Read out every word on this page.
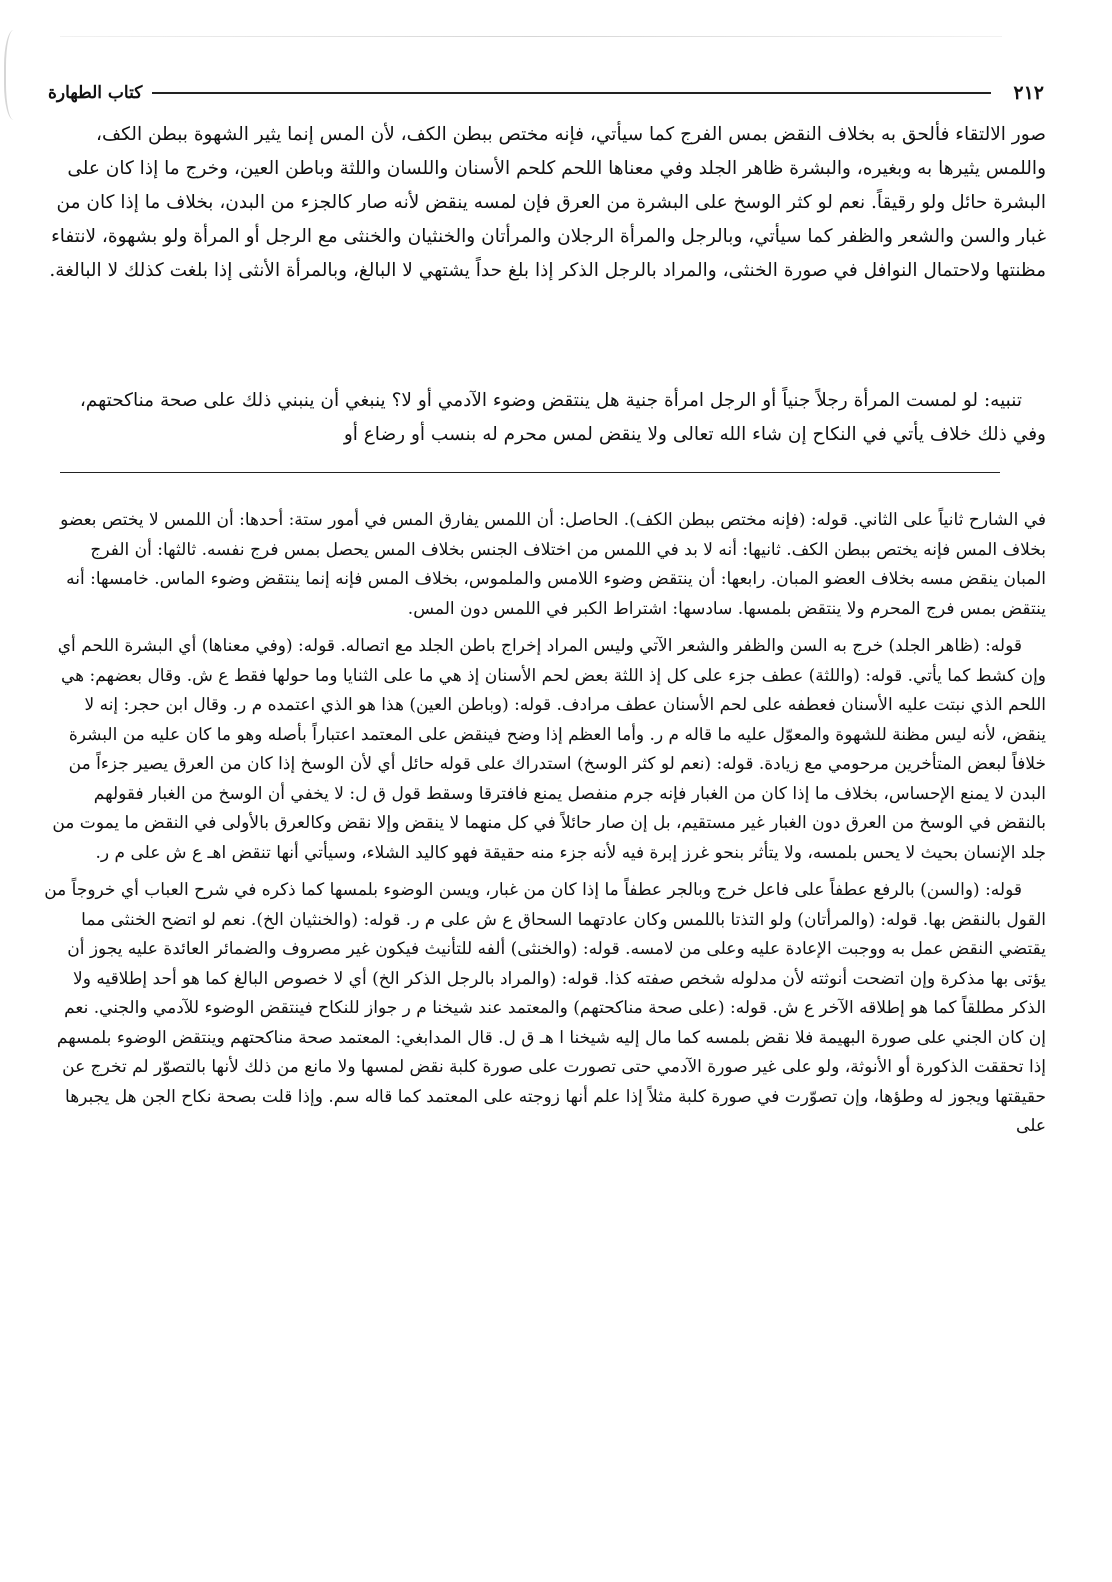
٢١٢
كتاب الطهارة

صور الالتقاء فألحق به بخلاف النقض بمس الفرج كما سيأتي، فإنه مختص ببطن الكف، لأن المس إنما يثير الشهوة ببطن الكف، واللمس يثيرها به وبغيره، والبشرة ظاهر الجلد وفي معناها اللحم كلحم الأسنان واللسان واللثة وباطن العين، وخرج ما إذا كان على البشرة حائل ولو رقيقاً. نعم لو كثر الوسخ على البشرة من العرق فإن لمسه ينقض لأنه صار كالجزء من البدن، بخلاف ما إذا كان من غبار والسن والشعر والظفر كما سيأتي، وبالرجل والمرأة الرجلان والمرأتان والخنثيان والخنثى مع الرجل أو المرأة ولو بشهوة، لانتفاء مظنتها ولاحتمال النوافل في صورة الخنثى، والمراد بالرجل الذكر إذا بلغ حداً يشتهي لا البالغ، وبالمرأة الأنثى إذا بلغت كذلك لا البالغة.

تنبيه: لو لمست المرأة رجلاً جنياً أو الرجل امرأة جنية هل ينتقض وضوء الآدمي أو لا؟ ينبغي أن ينبني ذلك على صحة مناكحتهم، وفي ذلك خلاف يأتي في النكاح إن شاء الله تعالى ولا ينقض لمس محرم له بنسب أو رضاع أو

في الشارح ثانياً على الثاني. قوله: (فإنه مختص ببطن الكف). الحاصل: أن اللمس يفارق المس في أمور ستة: أحدها: أن اللمس لا يختص بعضو بخلاف المس فإنه يختص ببطن الكف. ثانيها: أنه لا بد في اللمس من اختلاف الجنس بخلاف المس يحصل بمس فرج نفسه. ثالثها: أن الفرج المبان ينقض مسه بخلاف العضو المبان. رابعها: أن ينتقض وضوء اللامس والملموس، بخلاف المس فإنه إنما ينتقض وضوء الماس. خامسها: أنه ينتقض بمس فرج المحرم ولا ينتقض بلمسها. سادسها: اشتراط الكبر في اللمس دون المس.

قوله: (ظاهر الجلد) خرج به السن والظفر والشعر الآتي وليس المراد إخراج باطن الجلد مع اتصاله. قوله: (وفي معناها) أي البشرة اللحم أي وإن كشط كما يأتي. قوله: (واللثة) عطف جزء على كل إذ اللثة بعض لحم الأسنان إذ هي ما على الثنايا وما حولها فقط ع ش. وقال بعضهم: هي اللحم الذي نبتت عليه الأسنان فعطفه على لحم الأسنان عطف مرادف. قوله: (وباطن العين) هذا هو الذي اعتمده م ر. وقال ابن حجر: إنه لا ينقض، لأنه ليس مظنة للشهوة والمعوّل عليه ما قاله م ر. وأما العظم إذا وضح فينقض على المعتمد اعتباراً بأصله وهو ما كان عليه من البشرة خلافاً لبعض المتأخرين مرحومي مع زيادة. قوله: (نعم لو كثر الوسخ) استدراك على قوله حائل أي لأن الوسخ إذا كان من العرق يصير جزءاً من البدن لا يمنع الإحساس، بخلاف ما إذا كان من الغبار فإنه جرم منفصل يمنع فافترقا وسقط قول ق ل: لا يخفي أن الوسخ من الغبار فقولهم بالنقض في الوسخ من العرق دون الغبار غير مستقيم، بل إن صار حائلاً في كل منهما لا ينقض وإلا نقض وكالعرق بالأولى في النقض ما يموت من جلد الإنسان بحيث لا يحس بلمسه، ولا يتأثر بنحو غرز إبرة فيه لأنه جزء منه حقيقة فهو كاليد الشلاء، وسيأتي أنها تنقض اهـ ع ش على م ر.

قوله: (والسن) بالرفع عطفاً على فاعل خرج وبالجر عطفاً ما إذا كان من غبار، ويسن الوضوء بلمسها كما ذكره في شرح العباب أي خروجاً من القول بالنقض بها. قوله: (والمرأتان) ولو التذتا باللمس وكان عادتهما السحاق ع ش على م ر. قوله: (والخنثيان الخ). نعم لو اتضح الخنثى مما يقتضي النقض عمل به ووجبت الإعادة عليه وعلى من لامسه. قوله: (والخنثى) ألفه للتأنيث فيكون غير مصروف والضمائر العائدة عليه يجوز أن يؤتى بها مذكرة وإن اتضحت أنوثته لأن مدلوله شخص صفته كذا. قوله: (والمراد بالرجل الذكر الخ) أي لا خصوص البالغ كما هو أحد إطلاقيه ولا الذكر مطلقاً كما هو إطلاقه الآخر ع ش. قوله: (على صحة مناكحتهم) والمعتمد عند شيخنا م ر جواز للنكاح فينتقض الوضوء للآدمي والجني. نعم إن كان الجني على صورة البهيمة فلا نقض بلمسه كما مال إليه شيخنا ا هـ ق ل. قال المدابغي: المعتمد صحة مناكحتهم وينتقض الوضوء بلمسهم إذا تحققت الذكورة أو الأنوثة، ولو على غير صورة الآدمي حتى تصورت على صورة كلبة نقض لمسها ولا مانع من ذلك لأنها بالتصوّر لم تخرج عن حقيقتها ويجوز له وطؤها، وإن تصوّرت في صورة كلبة مثلاً إذا علم أنها زوجته على المعتمد كما قاله سم. وإذا قلت بصحة نكاح الجن هل يجبرها على
